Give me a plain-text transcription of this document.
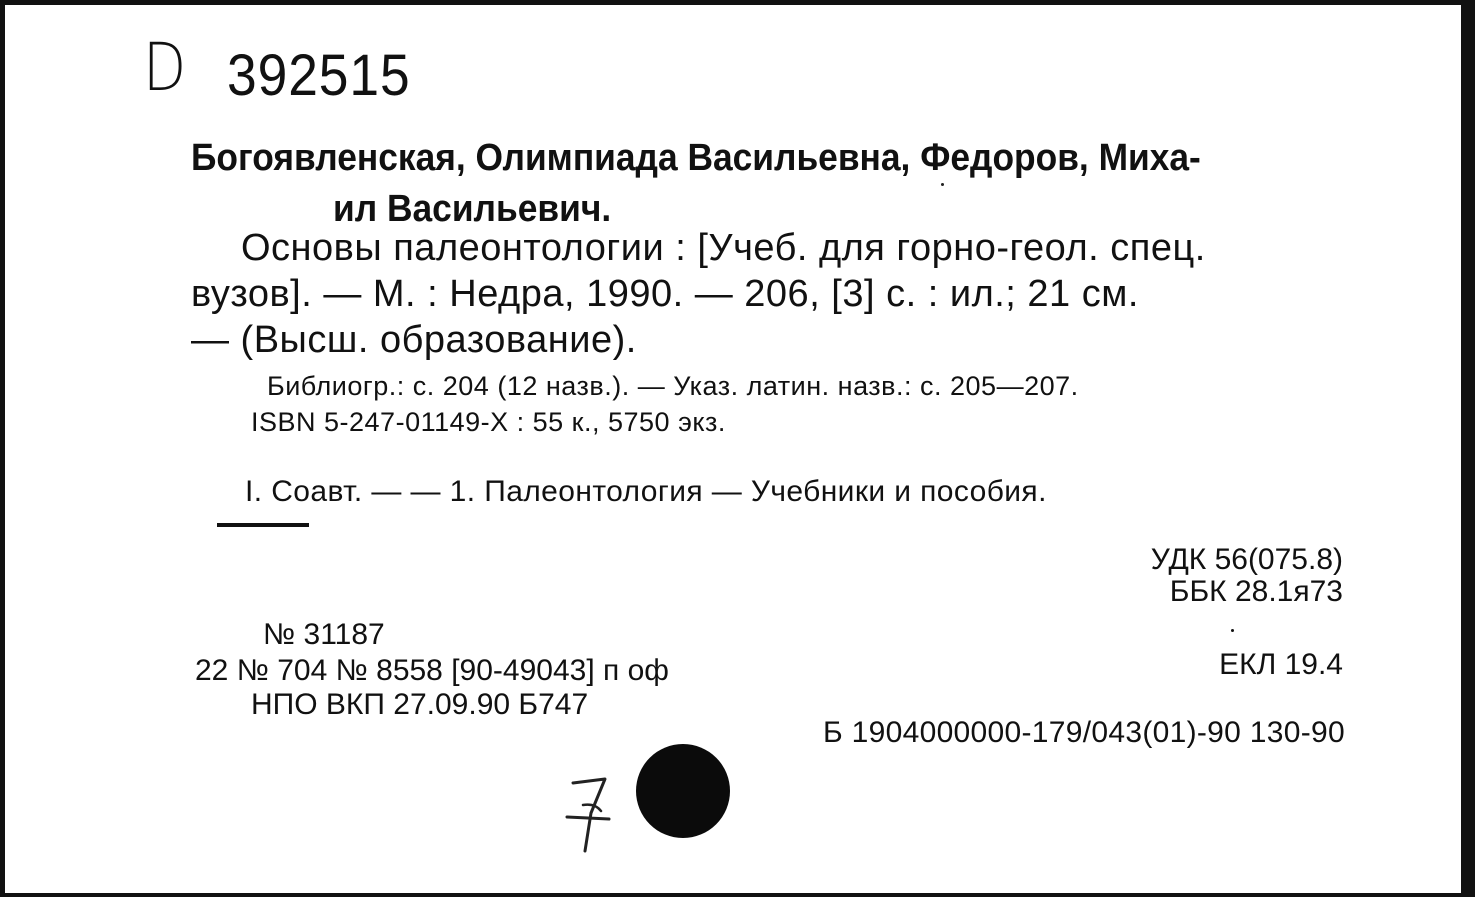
D 392515
Богоявленская, Олимпиада Васильевна, Федоров, Миха-
ил Васильевич.
Основы палеонтологии : [Учеб. для горно-геол. спец.
вузов]. — М. : Недра, 1990. — 206, [3] с. : ил.; 21 см.
— (Высш. образование).
Библиогр.: с. 204 (12 назв.). — Указ. латин. назв.: с. 205—207.
ISBN 5-247-01149-X : 55 к., 5750 экз.
I. Соавт. — — 1. Палеонтология — Учебники и пособия.
УДК 56(075.8)
ББК 28.1я73
ЕКЛ 19.4
№ 31187
22 № 704 № 8558 [90-49043] п оф
НПО ВКП 27.09.90 Б747
Б 1904000000-179/043(01)-90 130-90
